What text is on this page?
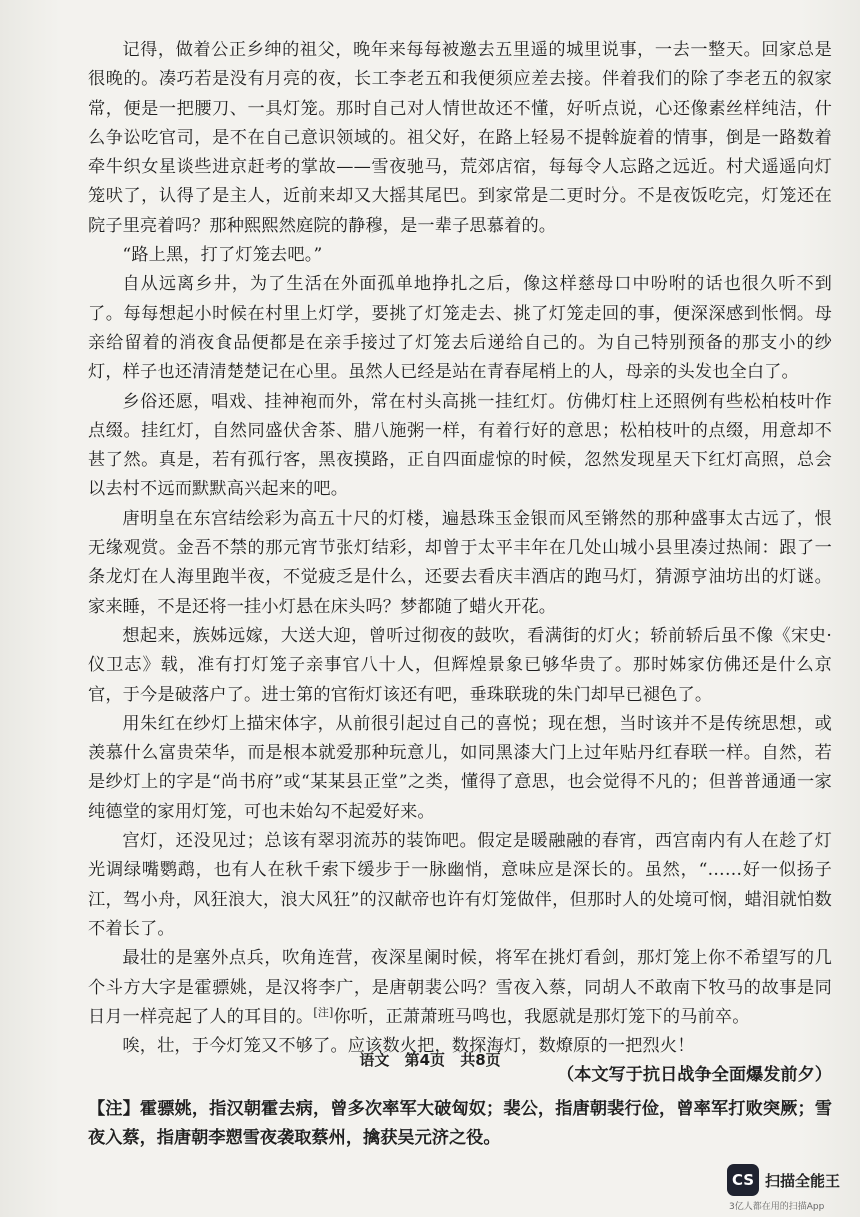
记得，做着公正乡绅的祖父，晚年来每每被邀去五里遥的城里说事，一去一整天。回家总是很晚的。凑巧若是没有月亮的夜，长工李老五和我便须应差去接。伴着我们的除了李老五的叙家常，便是一把腰刀、一具灯笼。那时自己对人情世故还不懂，好听点说，心还像素丝样纯洁，什么争讼吃官司，是不在自己意识领域的。祖父好，在路上轻易不提斡旋着的情事，倒是一路数着牵牛织女星谈些进京赶考的掌故——雪夜驰马，荒郊店宿，每每令人忘路之远近。村犬遥遥向灯笼吠了，认得了是主人，近前来却又大摇其尾巴。到家常是二更时分。不是夜饭吃完，灯笼还在院子里亮着吗？那种熙熙然庭院的静穆，是一辈子思慕着的。

“路上黑，打了灯笼去吧。”

自从远离乡井，为了生活在外面孤单地挣扎之后，像这样慈母口中吩咐的话也很久听不到了。每每想起小时候在村里上灯学，要挑了灯笼走去、挑了灯笼走回的事，便深深感到怅惘。母亲给留着的消夜食品便都是在亲手接过了灯笼去后递给自己的。为自己特别预备的那支小的纱灯，样子也还清清楚楚记在心里。虽然人已经是站在青春尾梢上的人，母亲的头发也全白了。

乡俗还愿，唱戏、挂神袍而外，常在村头高挑一挂红灯。仿佛灯柱上还照例有些松柏枝叶作点缀。挂红灯，自然同盛伏舍茶、腊八施粥一样，有着行好的意思；松柏枝叶的点缀，用意却不甚了然。真是，若有孤行客，黑夜摸路，正自四面虚惊的时候，忽然发现星天下红灯高照，总会以去村不远而默默高兴起来的吧。

唐明皇在东宫结绘彩为高五十尺的灯楼，遍悬珠玉金银而风至锵然的那种盛事太古远了，恨无缘观赏。金吾不禁的那元宵节张灯结彩，却曾于太平丰年在几处山城小县里凑过热闹：跟了一条龙灯在人海里跑半夜，不觉疲乏是什么，还要去看庆丰酒店的跑马灯，猜源亨油坊出的灯谜。家来睡，不是还将一挂小灯悬在床头吗？梦都随了蜡火开花。

想起来，族姊远嫁，大送大迎，曾听过彻夜的鼓吹，看满街的灯火；轿前轿后虽不像《宋史·仪卫志》载，准有打灯笼子亲事官八十人，但辉煌景象已够华贵了。那时姊家仿佛还是什么京官，于今是破落户了。进士第的官衔灯该还有吧，垂珠联珑的朱门却早已褪色了。

用朱红在纱灯上描宋体字，从前很引起过自己的喜悦；现在想，当时该并不是传统思想，或羡慕什么富贵荣华，而是根本就爱那种玩意儿，如同黑漆大门上过年贴丹红春联一样。自然，若是纱灯上的字是“尚书府”或“某某县正堂”之类，懂得了意思，也会觉得不凡的；但普普通通一家纯德堂的家用灯笼，可也未始勾不起爱好来。

宫灯，还没见过；总该有翠羽流苏的装饰吧。假定是暖融融的春宵，西宫南内有人在趁了灯光调绿嘴鹦鹉，也有人在秋千索下缓步于一脉幽悄，意味应是深长的。虽然，“……好一似扬子江，驾小舟，风狂浪大，浪大风狂”的汉献帝也许有灯笼做伴，但那时人的处境可悯，蜡泪就怕数不着长了。

最壮的是塞外点兵，吹角连营，夜深星阑时候，将军在挑灯看剑，那灯笼上你不希望写的几个斗方大字是霍骠姚，是汉将李广，是唐朝裴公吗？雪夜入蔡，同胡人不敢南下牧马的故事是同日月一样亮起了人的耳目的。[注]你听，正萧萧班马鸣也，我愿就是那灯笼下的马前卒。

唉，壮，于今灯笼又不够了。应该数火把，数探海灯，数燎原的一把烈火！

（本文写于抗日战争全面爆发前夕）

【注】霍骠姚，指汉朝霍去病，曾多次率军大破匈奴；裴公，指唐朝裴行俭，曾率军打败突厥；雪夜入蔡，指唐朝李愬雪夜袭取蔡州，擒获吴元济之役。

语文 第4页 共8页
CS 扫描全能王
3亿人都在用的扫描App
